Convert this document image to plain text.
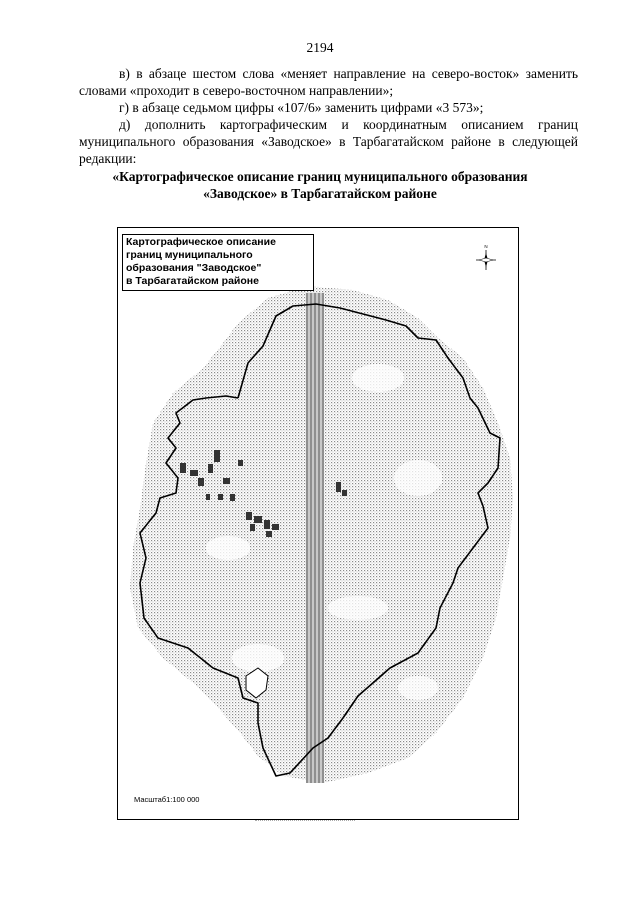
2194
в) в абзаце шестом слова «меняет направление на северо-восток» заменить словами «проходит в северо-восточном направлении»;
г) в абзаце седьмом цифры «107/6» заменить цифрами «3 573»;
д) дополнить картографическим и координатным описанием границ муниципального образования «Заводское» в Тарбагатайском районе в следующей редакции:
«Картографическое описание границ муниципального образования
«Заводское» в Тарбагатайском районе
N
Картографическое описание
границ муниципального
образования "Заводское"
в Тарбагатайском районе
Масштаб1:100 000
